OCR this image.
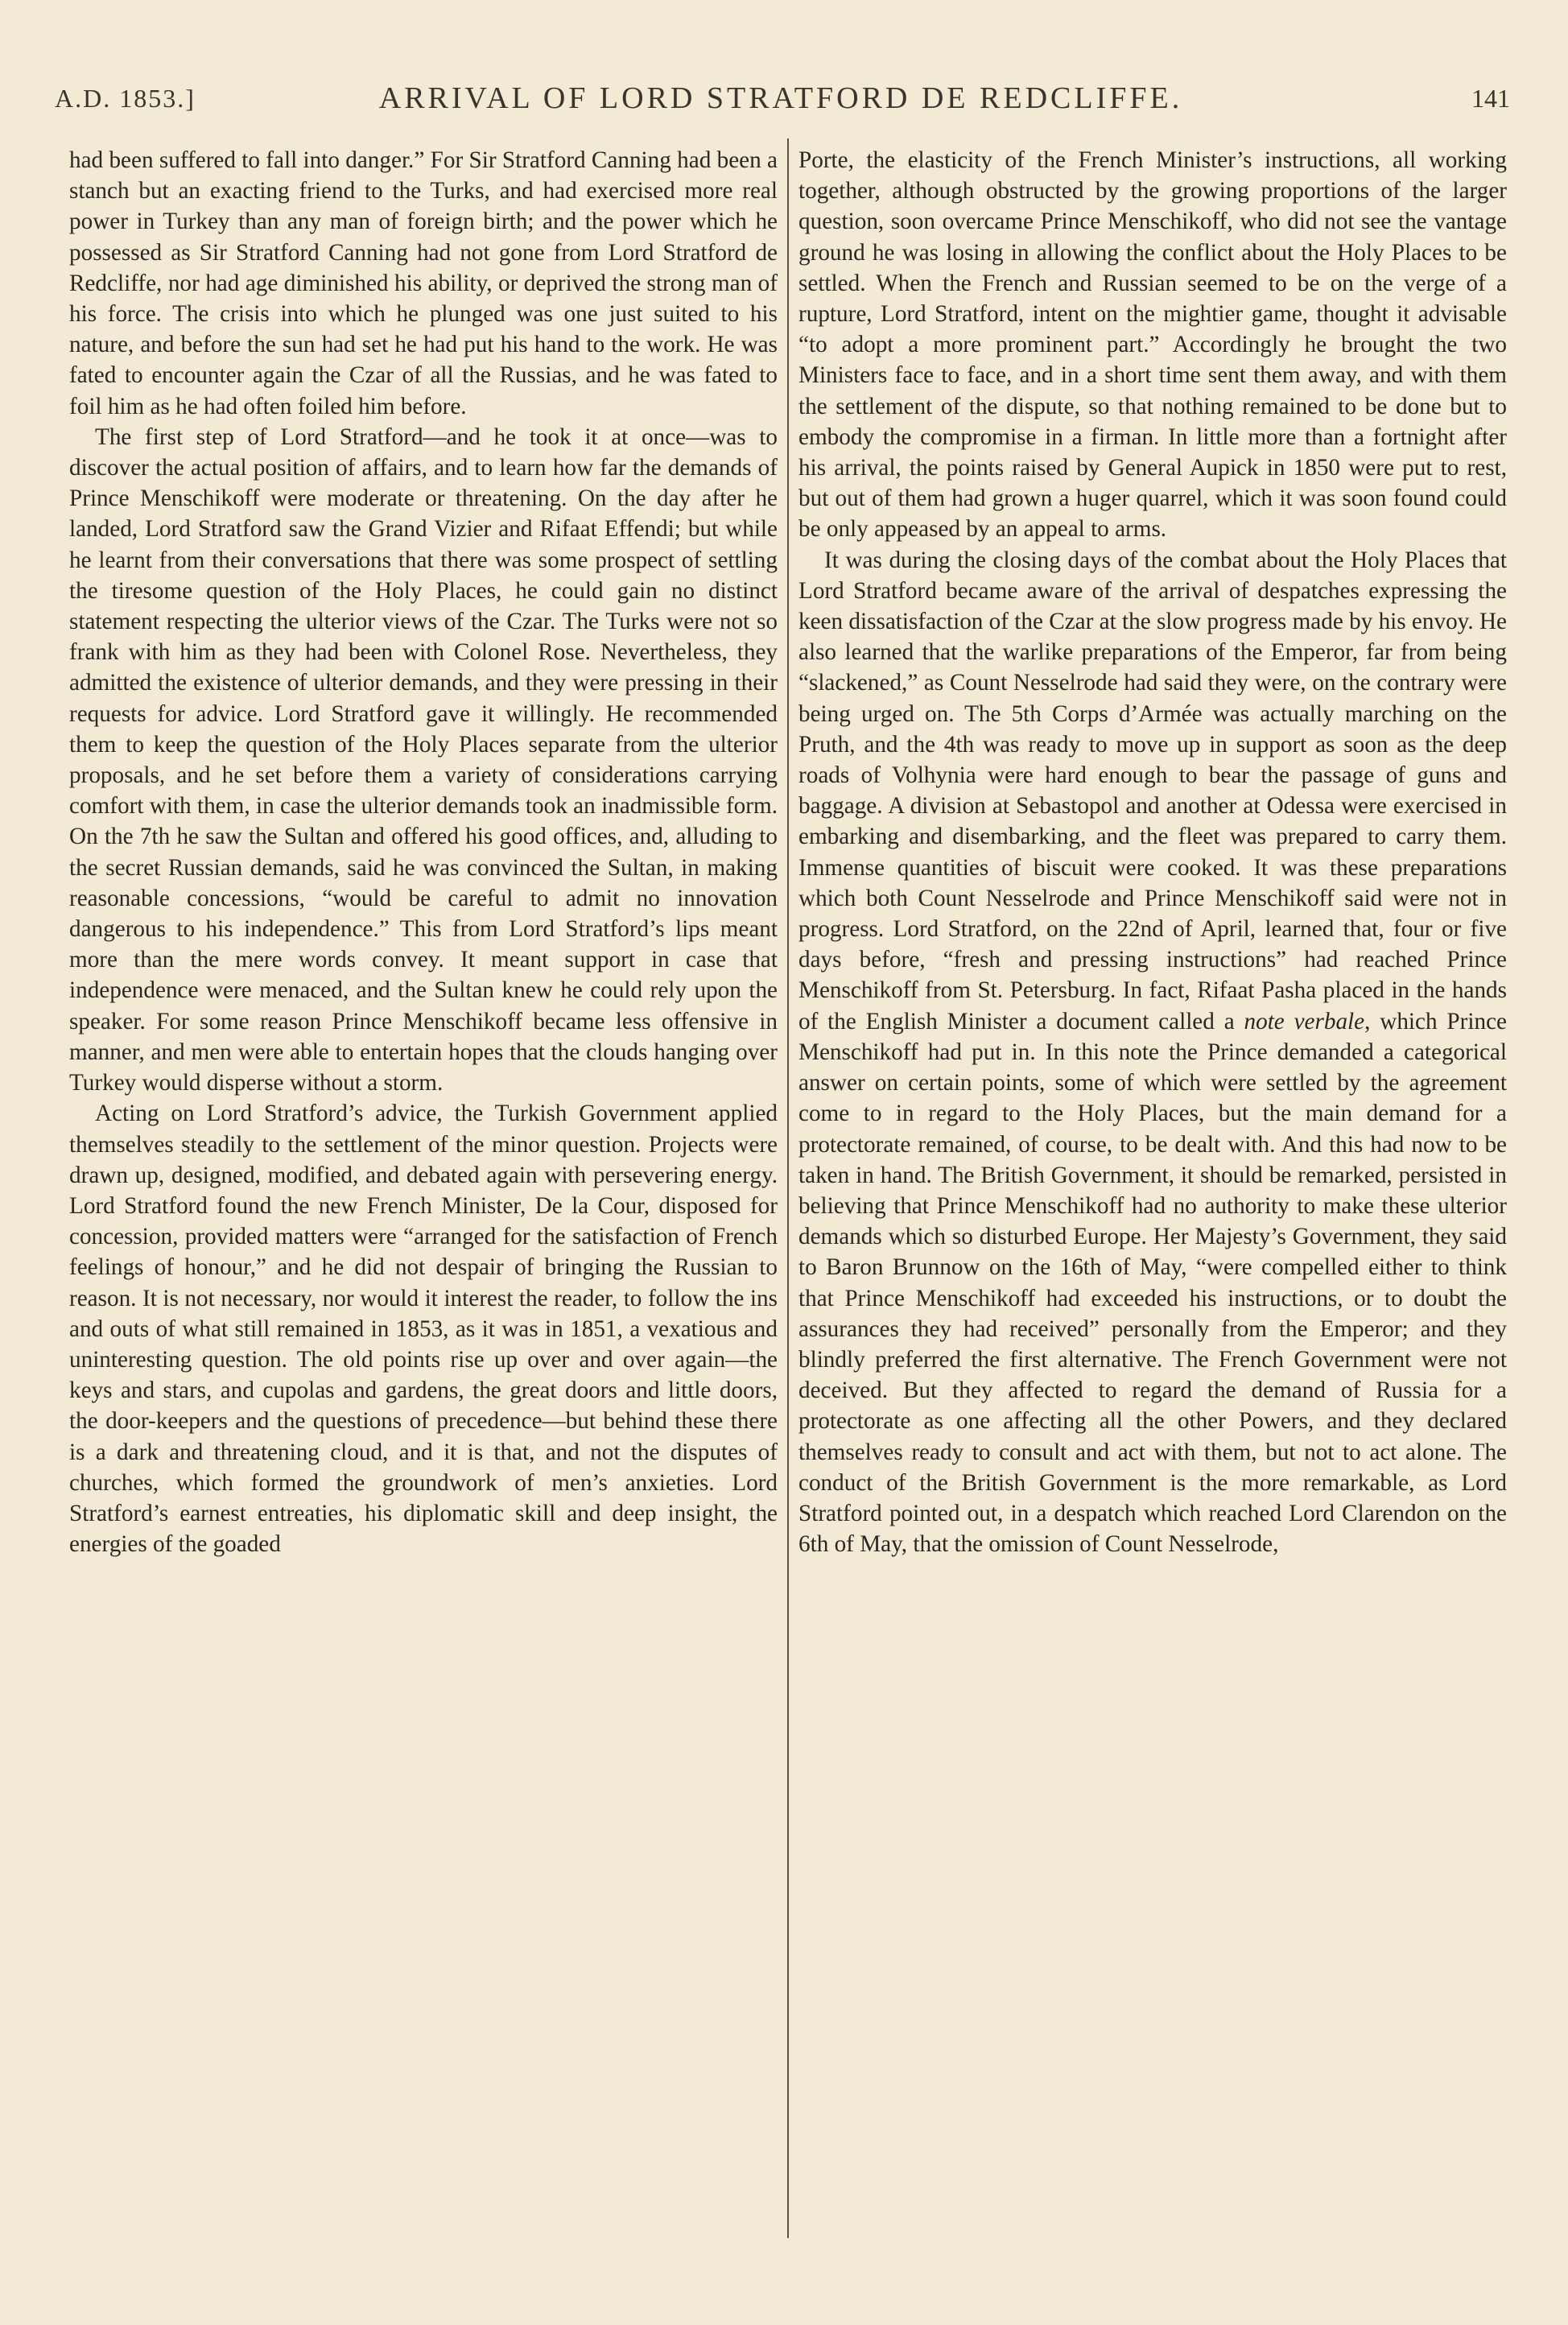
A.D. 1853.]	ARRIVAL OF LORD STRATFORD DE REDCLIFFE.	141

had been suffered to fall into danger.” For Sir Stratford Canning had been a stanch but an exacting friend to the Turks, and had exercised more real power in Turkey than any man of foreign birth; and the power which he possessed as Sir Stratford Canning had not gone from Lord Stratford de Redcliffe, nor had age diminished his ability, or deprived the strong man of his force. The crisis into which he plunged was one just suited to his nature, and before the sun had set he had put his hand to the work. He was fated to encounter again the Czar of all the Russias, and he was fated to foil him as he had often foiled him before.

The first step of Lord Stratford—and he took it at once—was to discover the actual position of affairs, and to learn how far the demands of Prince Menschikoff were moderate or threatening. On the day after he landed, Lord Stratford saw the Grand Vizier and Rifaat Effendi; but while he learnt from their conversations that there was some prospect of settling the tiresome question of the Holy Places, he could gain no distinct statement respecting the ulterior views of the Czar. The Turks were not so frank with him as they had been with Colonel Rose. Nevertheless, they admitted the existence of ulterior demands, and they were pressing in their requests for advice. Lord Stratford gave it willingly. He recommended them to keep the question of the Holy Places separate from the ulterior proposals, and he set before them a variety of considerations carrying comfort with them, in case the ulterior demands took an inadmissible form. On the 7th he saw the Sultan and offered his good offices, and, alluding to the secret Russian demands, said he was convinced the Sultan, in making reasonable concessions, “would be careful to admit no innovation dangerous to his independence.” This from Lord Stratford’s lips meant more than the mere words convey. It meant support in case that independence were menaced, and the Sultan knew he could rely upon the speaker. For some reason Prince Menschikoff became less offensive in manner, and men were able to entertain hopes that the clouds hanging over Turkey would disperse without a storm.

Acting on Lord Stratford’s advice, the Turkish Government applied themselves steadily to the settlement of the minor question. Projects were drawn up, designed, modified, and debated again with persevering energy. Lord Stratford found the new French Minister, De la Cour, disposed for concession, provided matters were “arranged for the satisfaction of French feelings of honour,” and he did not despair of bringing the Russian to reason. It is not necessary, nor would it interest the reader, to follow the ins and outs of what still remained in 1853, as it was in 1851, a vexatious and uninteresting question. The old points rise up over and over again—the keys and stars, and cupolas and gardens, the great doors and little doors, the door-keepers and the questions of precedence—but behind these there is a dark and threatening cloud, and it is that, and not the disputes of churches, which formed the groundwork of men’s anxieties. Lord Stratford’s earnest entreaties, his diplomatic skill and deep insight, the energies of the goaded

Porte, the elasticity of the French Minister’s instructions, all working together, although obstructed by the growing proportions of the larger question, soon overcame Prince Menschikoff, who did not see the vantage ground he was losing in allowing the conflict about the Holy Places to be settled. When the French and Russian seemed to be on the verge of a rupture, Lord Stratford, intent on the mightier game, thought it advisable “to adopt a more prominent part.” Accordingly he brought the two Ministers face to face, and in a short time sent them away, and with them the settlement of the dispute, so that nothing remained to be done but to embody the compromise in a firman. In little more than a fortnight after his arrival, the points raised by General Aupick in 1850 were put to rest, but out of them had grown a huger quarrel, which it was soon found could be only appeased by an appeal to arms.

It was during the closing days of the combat about the Holy Places that Lord Stratford became aware of the arrival of despatches expressing the keen dissatisfaction of the Czar at the slow progress made by his envoy. He also learned that the warlike preparations of the Emperor, far from being “slackened,” as Count Nesselrode had said they were, on the contrary were being urged on. The 5th Corps d’Armée was actually marching on the Pruth, and the 4th was ready to move up in support as soon as the deep roads of Volhynia were hard enough to bear the passage of guns and baggage. A division at Sebastopol and another at Odessa were exercised in embarking and disembarking, and the fleet was prepared to carry them. Immense quantities of biscuit were cooked. It was these preparations which both Count Nesselrode and Prince Menschikoff said were not in progress. Lord Stratford, on the 22nd of April, learned that, four or five days before, “fresh and pressing instructions” had reached Prince Menschikoff from St. Petersburg. In fact, Rifaat Pasha placed in the hands of the English Minister a document called a note verbale, which Prince Menschikoff had put in. In this note the Prince demanded a categorical answer on certain points, some of which were settled by the agreement come to in regard to the Holy Places, but the main demand for a protectorate remained, of course, to be dealt with. And this had now to be taken in hand. The British Government, it should be remarked, persisted in believing that Prince Menschikoff had no authority to make these ulterior demands which so disturbed Europe. Her Majesty’s Government, they said to Baron Brunnow on the 16th of May, “were compelled either to think that Prince Menschikoff had exceeded his instructions, or to doubt the assurances they had received” personally from the Emperor; and they blindly preferred the first alternative. The French Government were not deceived. But they affected to regard the demand of Russia for a protectorate as one affecting all the other Powers, and they declared themselves ready to consult and act with them, but not to act alone. The conduct of the British Government is the more remarkable, as Lord Stratford pointed out, in a despatch which reached Lord Clarendon on the 6th of May, that the omission of Count Nesselrode,
